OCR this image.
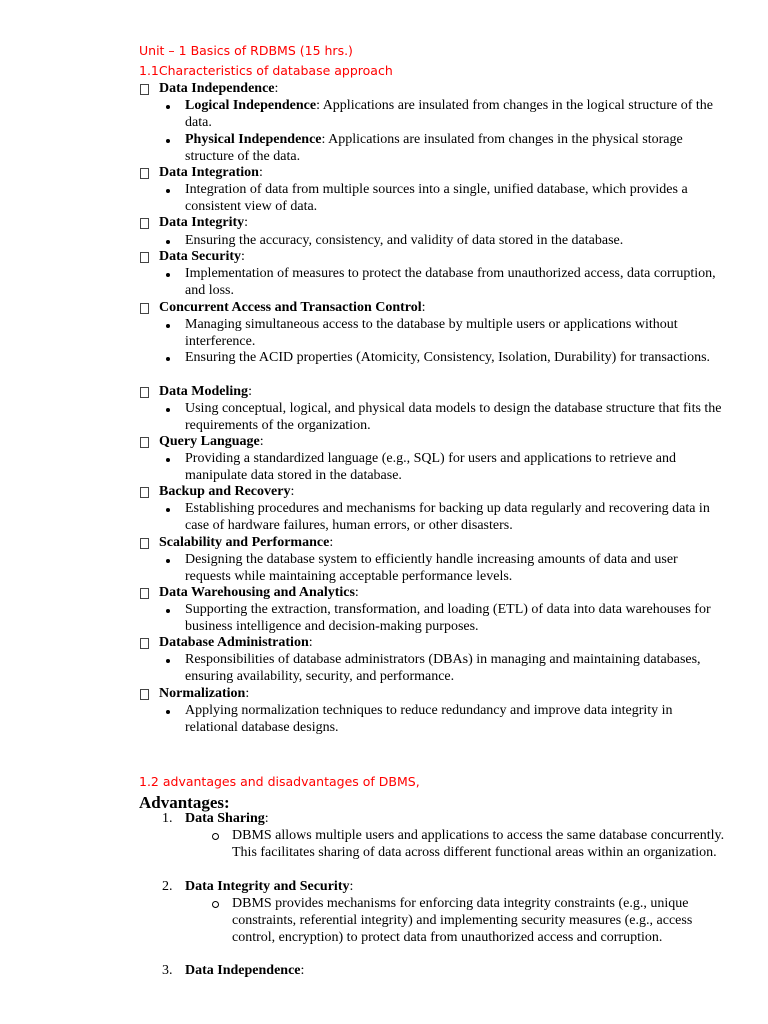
Unit – 1 Basics of RDBMS (15 hrs.)
1.1Characteristics of database approach
Data Independence:
Logical Independence: Applications are insulated from changes in the logical structure of the data.
Physical Independence: Applications are insulated from changes in the physical storage structure of the data.
Data Integration:
Integration of data from multiple sources into a single, unified database, which provides a consistent view of data.
Data Integrity:
Ensuring the accuracy, consistency, and validity of data stored in the database.
Data Security:
Implementation of measures to protect the database from unauthorized access, data corruption, and loss.
Concurrent Access and Transaction Control:
Managing simultaneous access to the database by multiple users or applications without interference.
Ensuring the ACID properties (Atomicity, Consistency, Isolation, Durability) for transactions.
Data Modeling:
Using conceptual, logical, and physical data models to design the database structure that fits the requirements of the organization.
Query Language:
Providing a standardized language (e.g., SQL) for users and applications to retrieve and manipulate data stored in the database.
Backup and Recovery:
Establishing procedures and mechanisms for backing up data regularly and recovering data in case of hardware failures, human errors, or other disasters.
Scalability and Performance:
Designing the database system to efficiently handle increasing amounts of data and user requests while maintaining acceptable performance levels.
Data Warehousing and Analytics:
Supporting the extraction, transformation, and loading (ETL) of data into data warehouses for business intelligence and decision-making purposes.
Database Administration:
Responsibilities of database administrators (DBAs) in managing and maintaining databases, ensuring availability, security, and performance.
Normalization:
Applying normalization techniques to reduce redundancy and improve data integrity in relational database designs.
1.2 advantages and disadvantages of DBMS,
Advantages:
1. Data Sharing:
DBMS allows multiple users and applications to access the same database concurrently. This facilitates sharing of data across different functional areas within an organization.
2. Data Integrity and Security:
DBMS provides mechanisms for enforcing data integrity constraints (e.g., unique constraints, referential integrity) and implementing security measures (e.g., access control, encryption) to protect data from unauthorized access and corruption.
3. Data Independence:
